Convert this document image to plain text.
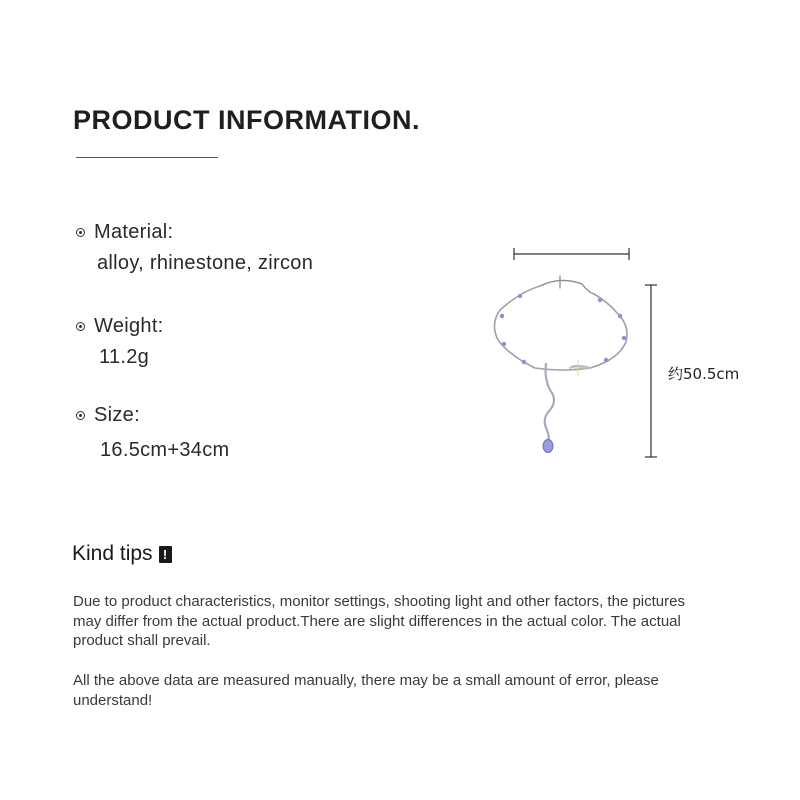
PRODUCT INFORMATION.
Material:
alloy, rhinestone, zircon
Weight:
11.2g
Size:
16.5cm+34cm
约50.5cm
Kind tips !
Due to product characteristics, monitor settings, shooting light and other factors, the pictures may differ from the actual product.There are slight differences in the actual color. The actual product shall prevail.
All the above data are measured manually, there may be a small amount of error, please understand!
